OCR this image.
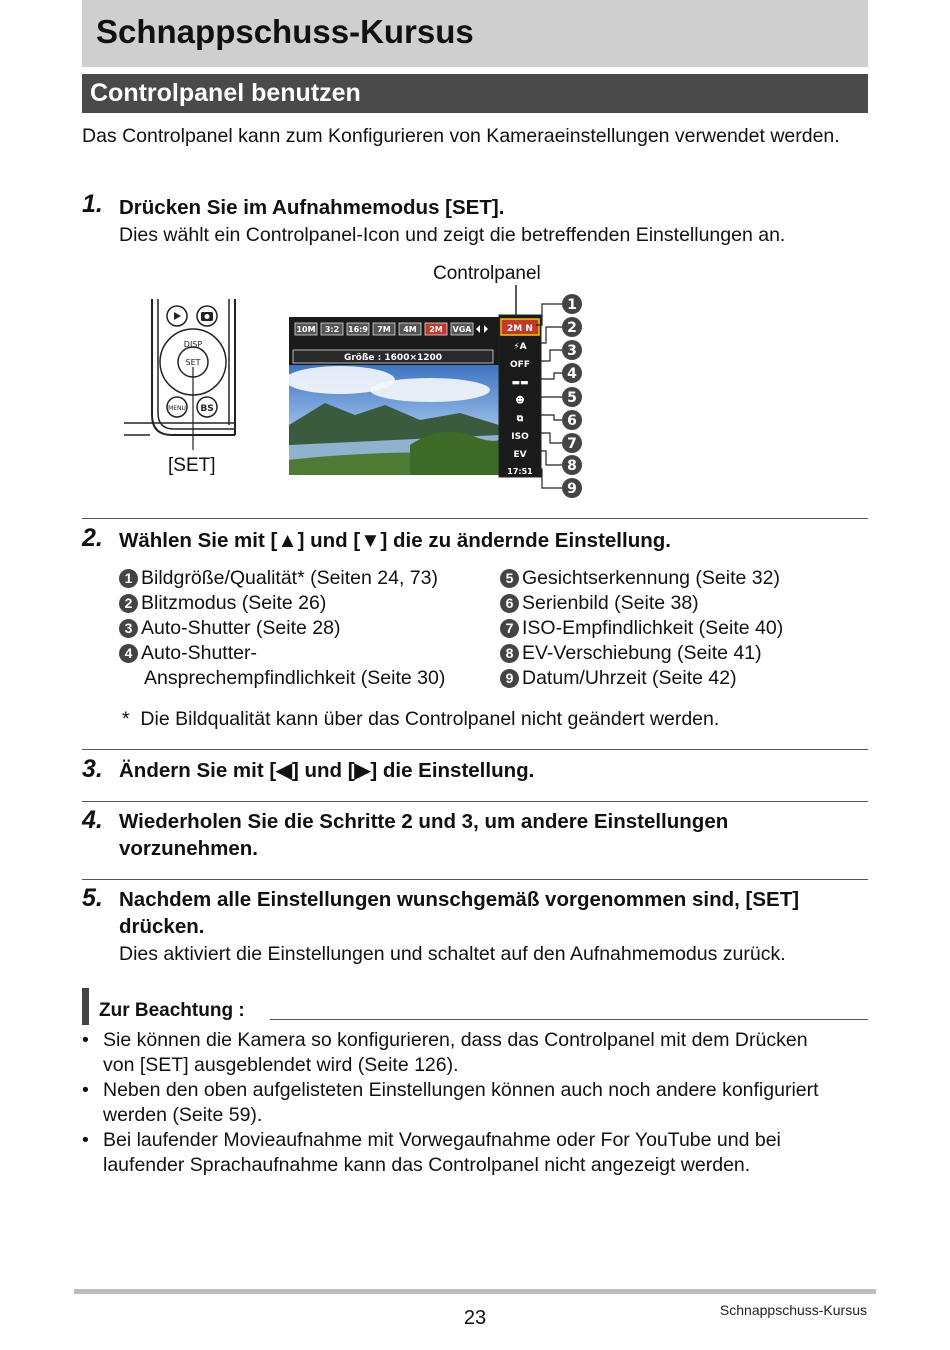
Schnappschuss-Kursus
Controlpanel benutzen
Das Controlpanel kann zum Konfigurieren von Kameraeinstellungen verwendet werden.
1. Drücken Sie im Aufnahmemodus [SET].
Dies wählt ein Controlpanel-Icon und zeigt die betreffenden Einstellungen an.
Controlpanel
[SET]
DISP
SET
MENU BS
10M 3:2 16:9 7M 4M 2M VGA
Größe : 1600×1200
2M N
⚡A
OFF
▬▬
☻
⧉
ISO
EV
17:51
1
2
3
4
5
6
7
8
9
2. Wählen Sie mit [▲] und [▼] die zu ändernde Einstellung.
1 Bildgröße/Qualität* (Seiten 24, 73)
2 Blitzmodus (Seite 26)
3 Auto-Shutter (Seite 28)
4 Auto-Shutter-
Ansprechempfindlichkeit (Seite 30)
5 Gesichtserkennung (Seite 32)
6 Serienbild (Seite 38)
7 ISO-Empfindlichkeit (Seite 40)
8 EV-Verschiebung (Seite 41)
9 Datum/Uhrzeit (Seite 42)
*  Die Bildqualität kann über das Controlpanel nicht geändert werden.
3. Ändern Sie mit [◀] und [▶] die Einstellung.
4. Wiederholen Sie die Schritte 2 und 3, um andere Einstellungen
vorzunehmen.
5. Nachdem alle Einstellungen wunschgemäß vorgenommen sind, [SET]
drücken.
Dies aktiviert die Einstellungen und schaltet auf den Aufnahmemodus zurück.
Zur Beachtung :
• Sie können die Kamera so konfigurieren, dass das Controlpanel mit dem Drücken
von [SET] ausgeblendet wird (Seite 126).
• Neben den oben aufgelisteten Einstellungen können auch noch andere konfiguriert
werden (Seite 59).
• Bei laufender Movieaufnahme mit Vorwegaufnahme oder For YouTube und bei
laufender Sprachaufnahme kann das Controlpanel nicht angezeigt werden.
23	Schnappschuss-Kursus
